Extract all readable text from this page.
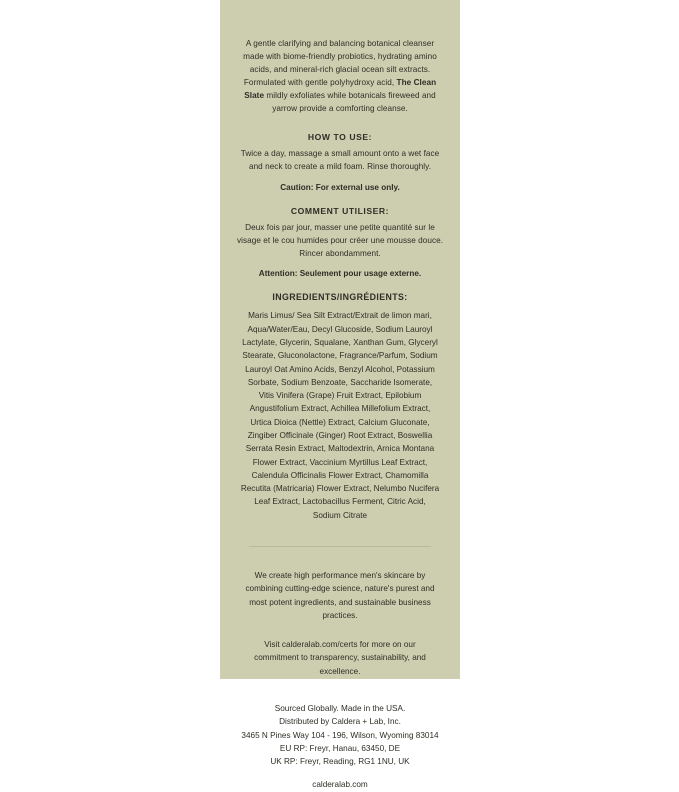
A gentle clarifying and balancing botanical cleanser made with biome-friendly probiotics, hydrating amino acids, and mineral-rich glacial ocean silt extracts. Formulated with gentle polyhydroxy acid, The Clean Slate mildly exfoliates while botanicals fireweed and yarrow provide a comforting cleanse.

HOW TO USE:

Twice a day, massage a small amount onto a wet face and neck to create a mild foam. Rinse thoroughly.

Caution: For external use only.

COMMENT UTILISER:

Deux fois par jour, masser une petite quantité sur le visage et le cou humides pour créer une mousse douce. Rincer abondamment.

Attention: Seulement pour usage externe.

INGREDIENTS/INGRÉDIENTS:

Maris Limus/ Sea Silt Extract/Extrait de limon mari, Aqua/Water/Eau, Decyl Glucoside, Sodium Lauroyl Lactylate, Glycerin, Squalane, Xanthan Gum, Glyceryl Stearate, Gluconolactone, Fragrance/Parfum, Sodium Lauroyl Oat Amino Acids, Benzyl Alcohol, Potassium Sorbate, Sodium Benzoate, Saccharide Isomerate, Vitis Vinifera (Grape) Fruit Extract, Epilobium Angustifolium Extract, Achillea Millefolium Extract, Urtica Dioica (Nettle) Extract, Calcium Gluconate, Zingiber Officinale (Ginger) Root Extract, Boswellia Serrata Resin Extract, Maltodextrin, Arnica Montana Flower Extract, Vaccinium Myrtillus Leaf Extract, Calendula Officinalis Flower Extract, Chamomilla Recutita (Matricaria) Flower Extract, Nelumbo Nucifera Leaf Extract, Lactobacillus Ferment, Citric Acid, Sodium Citrate

We create high performance men's skincare by combining cutting-edge science, nature's purest and most potent ingredients, and sustainable business practices.

Visit calderalab.com/certs for more on our commitment to transparency, sustainability, and excellence.

Sourced Globally. Made in the USA.
Distributed by Caldera + Lab, Inc.
3465 N Pines Way 104 - 196, Wilson, Wyoming 83014
EU RP: Freyr, Hanau, 63450, DE
UK RP: Freyr, Reading, RG1 1NU, UK

calderalab.com
